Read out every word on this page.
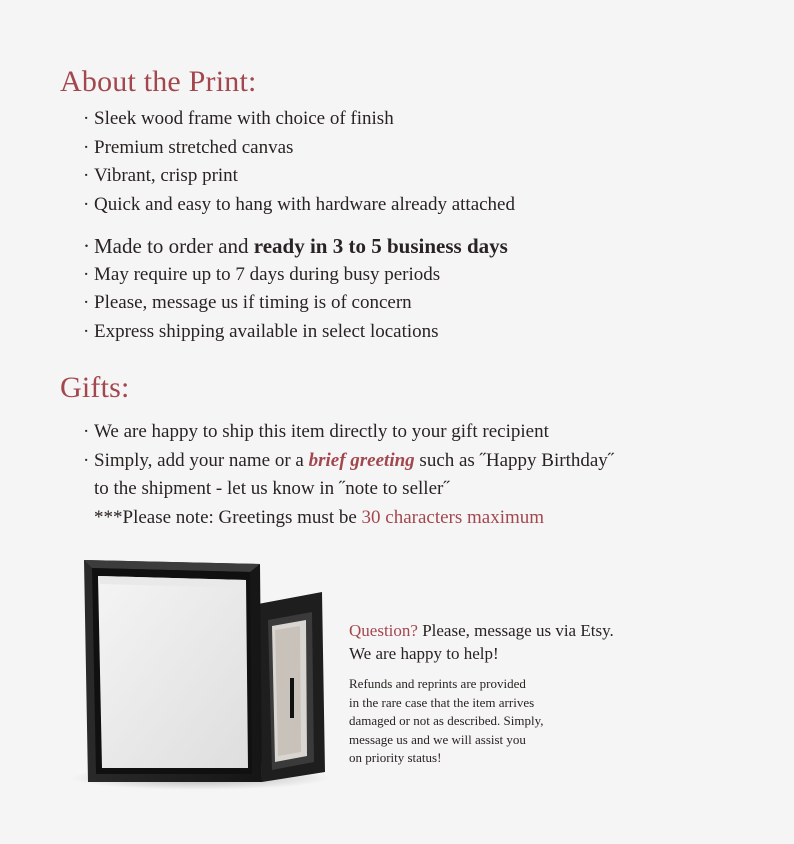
About the Print:
· Sleek wood frame with choice of finish
· Premium stretched canvas
· Vibrant, crisp print
· Quick and easy to hang with hardware already attached
· Made to order and ready in 3 to 5 business days
· May require up to 7 days during busy periods
· Please, message us if timing is of concern
· Express shipping available in select locations
Gifts:
· We are happy to ship this item directly to your gift recipient
· Simply, add your name or a brief greeting such as ˝Happy Birthday˝
to the shipment - let us know in ˝note to seller˝
***Please note: Greetings must be 30 characters maximum
Question? Please, message us via Etsy.
We are happy to help!
Refunds and reprints are provided
in the rare case that the item arrives
damaged or not as described. Simply,
message us and we will assist you
on priority status!
